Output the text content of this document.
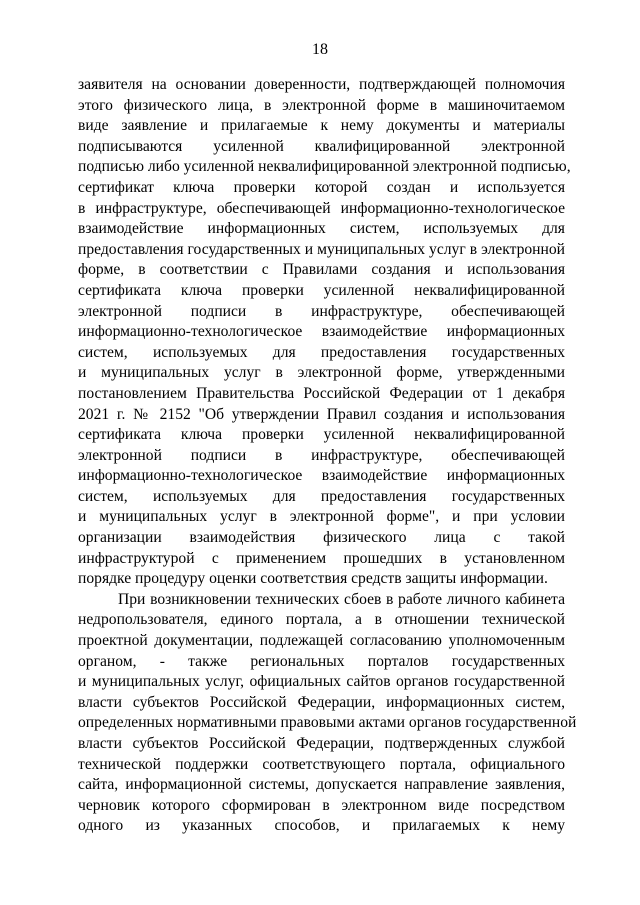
18
заявителя на основании доверенности, подтверждающей полномочия
этого физического лица, в электронной форме в машиночитаемом
виде заявление и прилагаемые к нему документы и материалы
подписываются усиленной квалифицированной электронной
подписью либо усиленной неквалифицированной электронной подписью,
сертификат ключа проверки которой создан и используется
в инфраструктуре, обеспечивающей информационно-технологическое
взаимодействие информационных систем, используемых для
предоставления государственных и муниципальных услуг в электронной
форме, в соответствии с Правилами создания и использования
сертификата ключа проверки усиленной неквалифицированной
электронной подписи в инфраструктуре, обеспечивающей
информационно-технологическое взаимодействие информационных
систем, используемых для предоставления государственных
и муниципальных услуг в электронной форме, утвержденными
постановлением Правительства Российской Федерации от 1 декабря
2021 г. № 2152 "Об утверждении Правил создания и использования
сертификата ключа проверки усиленной неквалифицированной
электронной подписи в инфраструктуре, обеспечивающей
информационно-технологическое взаимодействие информационных
систем, используемых для предоставления государственных
и муниципальных услуг в электронной форме", и при условии
организации взаимодействия физического лица с такой
инфраструктурой с применением прошедших в установленном
порядке процедуру оценки соответствия средств защиты информации.
При возникновении технических сбоев в работе личного кабинета
недропользователя, единого портала, а в отношении технической
проектной документации, подлежащей согласованию уполномоченным
органом, - также региональных порталов государственных
и муниципальных услуг, официальных сайтов органов государственной
власти субъектов Российской Федерации, информационных систем,
определенных нормативными правовыми актами органов государственной
власти субъектов Российской Федерации, подтвержденных службой
технической поддержки соответствующего портала, официального
сайта, информационной системы, допускается направление заявления,
черновик которого сформирован в электронном виде посредством
одного из указанных способов, и прилагаемых к нему
